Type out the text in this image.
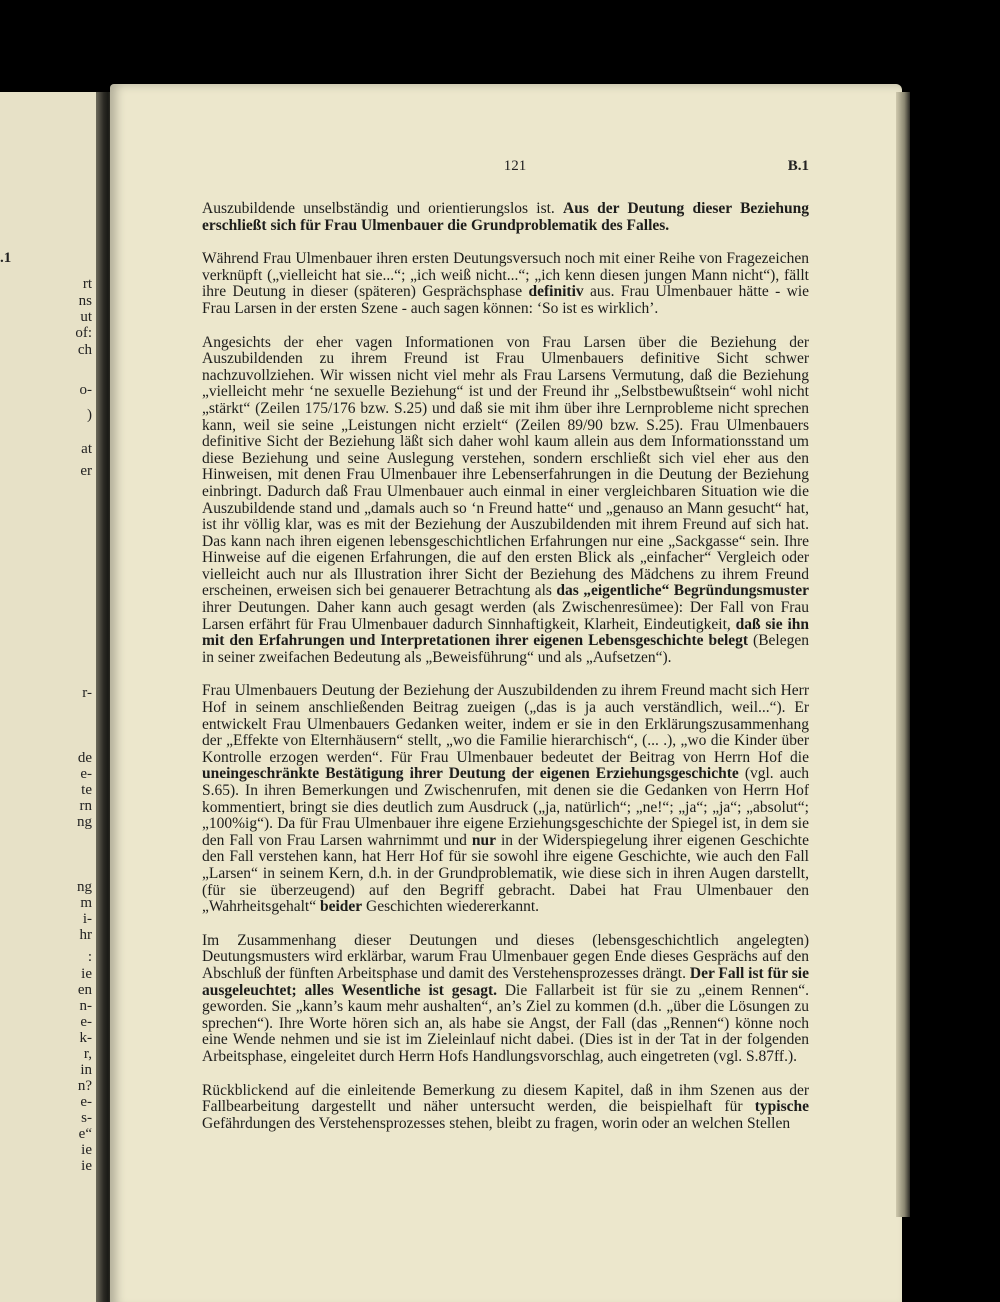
.1
rt
ns
ut
of:
ch
o-
)
at
er
r-
de
e-
te
rn
ng
ng
m
i-
hr
:
ie
en
n-
e-
k-
r,
in
n?
e-
s-
e“
ie
ie
121	B.1

Auszubildende unselbständig und orientierungslos ist. Aus der Deutung dieser Beziehung erschließt sich für Frau Ulmenbauer die Grundproblematik des Falles.

Während Frau Ulmenbauer ihren ersten Deutungsversuch noch mit einer Reihe von Fragezeichen verknüpft („vielleicht hat sie...“; „ich weiß nicht...“; „ich kenn diesen jungen Mann nicht“), fällt ihre Deutung in dieser (späteren) Gesprächsphase definitiv aus. Frau Ulmenbauer hätte - wie Frau Larsen in der ersten Szene - auch sagen können: ‘So ist es wirklich’.

Angesichts der eher vagen Informationen von Frau Larsen über die Beziehung der Auszubildenden zu ihrem Freund ist Frau Ulmenbauers definitive Sicht schwer nachzuvollziehen. Wir wissen nicht viel mehr als Frau Larsens Vermutung, daß die Beziehung „vielleicht mehr ‘ne sexuelle Beziehung“ ist und der Freund ihr „Selbstbewußtsein“ wohl nicht „stärkt“ (Zeilen 175/176 bzw. S.25) und daß sie mit ihm über ihre Lernprobleme nicht sprechen kann, weil sie seine „Leistungen nicht erzielt“ (Zeilen 89/90 bzw. S.25). Frau Ulmenbauers definitive Sicht der Beziehung läßt sich daher wohl kaum allein aus dem Informationsstand um diese Beziehung und seine Auslegung verstehen, sondern erschließt sich viel eher aus den Hinweisen, mit denen Frau Ulmenbauer ihre Lebenserfahrungen in die Deutung der Beziehung einbringt. Dadurch daß Frau Ulmenbauer auch einmal in einer vergleichbaren Situation wie die Auszubildende stand und „damals auch so ‘n Freund hatte“ und „genauso an Mann gesucht“ hat, ist ihr völlig klar, was es mit der Beziehung der Auszubildenden mit ihrem Freund auf sich hat. Das kann nach ihren eigenen lebensgeschichtlichen Erfahrungen nur eine „Sackgasse“ sein. Ihre Hinweise auf die eigenen Erfahrungen, die auf den ersten Blick als „einfacher“ Vergleich oder vielleicht auch nur als Illustration ihrer Sicht der Beziehung des Mädchens zu ihrem Freund erscheinen, erweisen sich bei genauerer Betrachtung als das „eigentliche“ Begründungsmuster ihrer Deutungen. Daher kann auch gesagt werden (als Zwischenresümee): Der Fall von Frau Larsen erfährt für Frau Ulmenbauer dadurch Sinnhaftigkeit, Klarheit, Eindeutigkeit, daß sie ihn mit den Erfahrungen und Interpretationen ihrer eigenen Lebensgeschichte belegt (Belegen in seiner zweifachen Bedeutung als „Beweisführung“ und als „Aufsetzen“).

Frau Ulmenbauers Deutung der Beziehung der Auszubildenden zu ihrem Freund macht sich Herr Hof in seinem anschließenden Beitrag zueigen („das is ja auch verständlich, weil...“). Er entwickelt Frau Ulmenbauers Gedanken weiter, indem er sie in den Erklärungszusammenhang der „Effekte von Elternhäusern“ stellt, „wo die Familie hierarchisch“, (... .), „wo die Kinder über Kontrolle erzogen werden“. Für Frau Ulmenbauer bedeutet der Beitrag von Herrn Hof die uneingeschränkte Bestätigung ihrer Deutung der eigenen Erziehungsgeschichte (vgl. auch S.65). In ihren Bemerkungen und Zwischenrufen, mit denen sie die Gedanken von Herrn Hof kommentiert, bringt sie dies deutlich zum Ausdruck („ja, natürlich“; „ne!“; „ja“; „ja“; „absolut“; „100%ig“). Da für Frau Ulmenbauer ihre eigene Erziehungsgeschichte der Spiegel ist, in dem sie den Fall von Frau Larsen wahrnimmt und nur in der Widerspiegelung ihrer eigenen Geschichte den Fall verstehen kann, hat Herr Hof für sie sowohl ihre eigene Geschichte, wie auch den Fall „Larsen“ in seinem Kern, d.h. in der Grundproblematik, wie diese sich in ihren Augen darstellt, (für sie überzeugend) auf den Begriff gebracht. Dabei hat Frau Ulmenbauer den „Wahrheitsgehalt“ beider Geschichten wiedererkannt.

Im Zusammenhang dieser Deutungen und dieses (lebensgeschichtlich angelegten) Deutungsmusters wird erklärbar, warum Frau Ulmenbauer gegen Ende dieses Gesprächs auf den Abschluß der fünften Arbeitsphase und damit des Verstehensprozesses drängt. Der Fall ist für sie ausgeleuchtet; alles Wesentliche ist gesagt. Die Fallarbeit ist für sie zu „einem Rennen“. geworden. Sie „kann’s kaum mehr aushalten“, an’s Ziel zu kommen (d.h. „über die Lösungen zu sprechen“). Ihre Worte hören sich an, als habe sie Angst, der Fall (das „Rennen“) könne noch eine Wende nehmen und sie ist im Zieleinlauf nicht dabei. (Dies ist in der Tat in der folgenden Arbeitsphase, eingeleitet durch Herrn Hofs Handlungsvorschlag, auch eingetreten (vgl. S.87ff.).

Rückblickend auf die einleitende Bemerkung zu diesem Kapitel, daß in ihm Szenen aus der Fallbearbeitung dargestellt und näher untersucht werden, die beispielhaft für typische Gefährdungen des Verstehensprozesses stehen, bleibt zu fragen, worin oder an welchen Stellen
